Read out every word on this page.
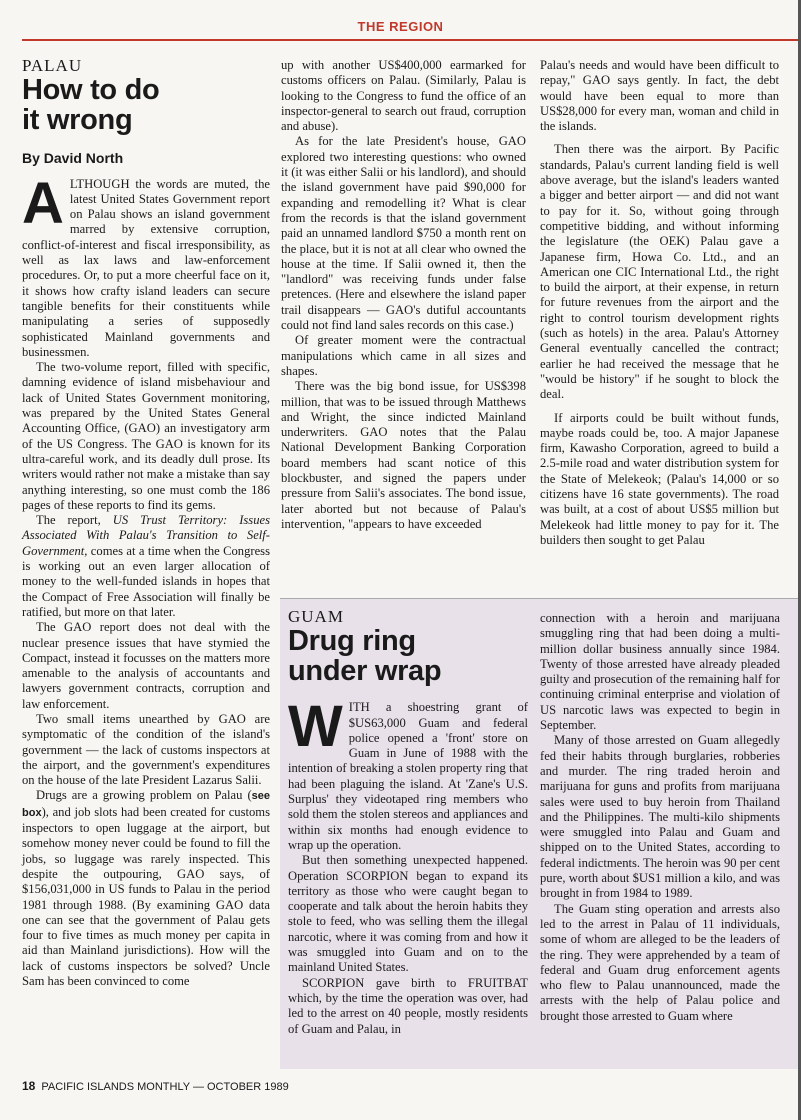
THE REGION
PALAU
How to do
it wrong
By David North

ALTHOUGH the words are muted, the latest United States Government report on Palau shows an island government marred by extensive corruption, conflict-of-interest and fiscal irresponsibility, as well as lax laws and law-enforcement procedures. Or, to put a more cheerful face on it, it shows how crafty island leaders can secure tangible benefits for their constituents while manipulating a series of supposedly sophisticated Mainland governments and businessmen.

The two-volume report, filled with specific, damning evidence of island misbehaviour and lack of United States Government monitoring, was prepared by the United States General Accounting Office, (GAO) an investigatory arm of the US Congress. The GAO is known for its ultra-careful work, and its deadly dull prose. Its writers would rather not make a mistake than say anything interesting, so one must comb the 186 pages of these reports to find its gems.

The report, US Trust Territory: Issues Associated With Palau's Transition to Self-Government, comes at a time when the Congress is working out an even larger allocation of money to the well-funded islands in hopes that the Compact of Free Association will finally be ratified, but more on that later.

The GAO report does not deal with the nuclear presence issues that have stymied the Compact, instead it focusses on the matters more amenable to the analysis of accountants and lawyers government contracts, corruption and law enforcement.

Two small items unearthed by GAO are symptomatic of the condition of the island's government — the lack of customs inspectors at the airport, and the government's expenditures on the house of the late President Lazarus Salii.

Drugs are a growing problem on Palau (see box), and job slots had been created for customs inspectors to open luggage at the airport, but somehow money never could be found to fill the jobs, so luggage was rarely inspected. This despite the outpouring, GAO says, of $156,031,000 in US funds to Palau in the period 1981 through 1988. (By examining GAO data one can see that the government of Palau gets four to five times as much money per capita in aid than Mainland jurisdictions). How will the lack of customs inspectors be solved? Uncle Sam has been convinced to come

up with another US$400,000 earmarked for customs officers on Palau. (Similarly, Palau is looking to the Congress to fund the office of an inspector-general to search out fraud, corruption and abuse).

As for the late President's house, GAO explored two interesting questions: who owned it (it was either Salii or his landlord), and should the island government have paid $90,000 for expanding and remodelling it? What is clear from the records is that the island government paid an unnamed landlord $750 a month rent on the place, but it is not at all clear who owned the house at the time. If Salii owned it, then the "landlord" was receiving funds under false pretences. (Here and elsewhere the island paper trail disappears — GAO's dutiful accountants could not find land sales records on this case.)

Of greater moment were the contractual manipulations which came in all sizes and shapes.

There was the big bond issue, for US$398 million, that was to be issued through Matthews and Wright, the since indicted Mainland underwriters. GAO notes that the Palau National Development Banking Corporation board members had scant notice of this blockbuster, and signed the papers under pressure from Salii's associates. The bond issue, later aborted but not because of Palau's intervention, "appears to have exceeded

Palau's needs and would have been difficult to repay," GAO says gently. In fact, the debt would have been equal to more than US$28,000 for every man, woman and child in the islands.

Then there was the airport. By Pacific standards, Palau's current landing field is well above average, but the island's leaders wanted a bigger and better airport — and did not want to pay for it. So, without going through competitive bidding, and without informing the legislature (the OEK) Palau gave a Japanese firm, Howa Co. Ltd., and an American one CIC International Ltd., the right to build the airport, at their expense, in return for future revenues from the airport and the right to control tourism development rights (such as hotels) in the area. Palau's Attorney General eventually cancelled the contract; earlier he had received the message that he "would be history" if he sought to block the deal.

If airports could be built without funds, maybe roads could be, too. A major Japanese firm, Kawasho Corporation, agreed to build a 2.5-mile road and water distribution system for the State of Melekeok; (Palau's 14,000 or so citizens have 16 state governments). The road was built, at a cost of about US$5 million but Melekeok had little money to pay for it. The builders then sought to get Palau

GUAM
Drug ring
under wrap

WITH a shoestring grant of $US63,000 Guam and federal police opened a 'front' store on Guam in June of 1988 with the intention of breaking a stolen property ring that had been plaguing the island. At 'Zane's U.S. Surplus' they videotaped ring members who sold them the stolen stereos and appliances and within six months had enough evidence to wrap up the operation.

But then something unexpected happened. Operation SCORPION began to expand its territory as those who were caught began to cooperate and talk about the heroin habits they stole to feed, who was selling them the illegal narcotic, where it was coming from and how it was smuggled into Guam and on to the mainland United States.

SCORPION gave birth to FRUITBAT which, by the time the operation was over, had led to the arrest on 40 people, mostly residents of Guam and Palau, in

connection with a heroin and marijuana smuggling ring that had been doing a multi-million dollar business annually since 1984. Twenty of those arrested have already pleaded guilty and prosecution of the remaining half for continuing criminal enterprise and violation of US narcotic laws was expected to begin in September.

Many of those arrested on Guam allegedly fed their habits through burglaries, robberies and murder. The ring traded heroin and marijuana for guns and profits from marijuana sales were used to buy heroin from Thailand and the Philippines. The multi-kilo shipments were smuggled into Palau and Guam and shipped on to the United States, according to federal indictments. The heroin was 90 per cent pure, worth about $US1 million a kilo, and was brought in from 1984 to 1989.

The Guam sting operation and arrests also led to the arrest in Palau of 11 individuals, some of whom are alleged to be the leaders of the ring. They were apprehended by a team of federal and Guam drug enforcement agents who flew to Palau unannounced, made the arrests with the help of Palau police and brought those arrested to Guam where

18 PACIFIC ISLANDS MONTHLY — OCTOBER 1989
